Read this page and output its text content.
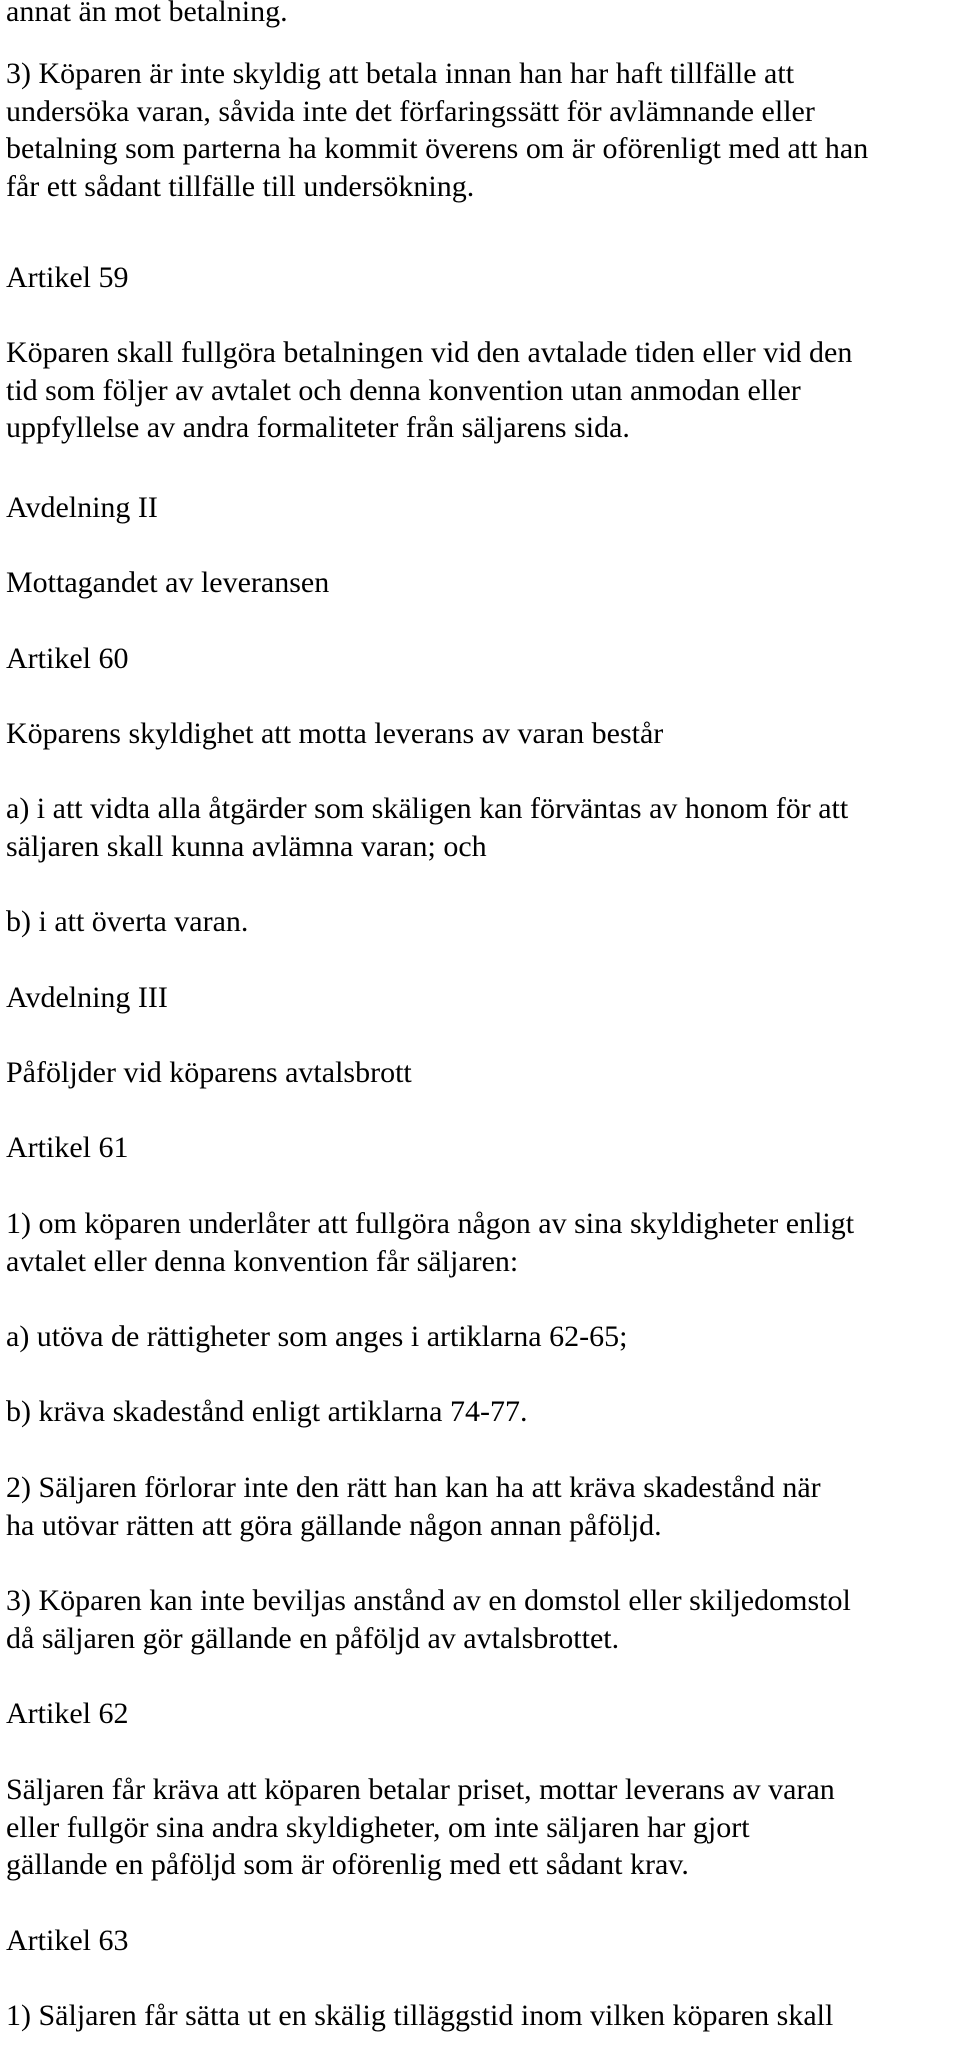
annat än mot betalning.
3) Köparen är inte skyldig att betala innan han har haft tillfälle att
undersöka varan, såvida inte det förfaringssätt för avlämnande eller
betalning som parterna ha kommit överens om är oförenligt med att han
får ett sådant tillfälle till undersökning.
Artikel 59
Köparen skall fullgöra betalningen vid den avtalade tiden eller vid den
tid som följer av avtalet och denna konvention utan anmodan eller
uppfyllelse av andra formaliteter från säljarens sida.
Avdelning II
Mottagandet av leveransen
Artikel 60
Köparens skyldighet att motta leverans av varan består
a) i att vidta alla åtgärder som skäligen kan förväntas av honom för att
säljaren skall kunna avlämna varan; och
b) i att överta varan.
Avdelning III
Påföljder vid köparens avtalsbrott
Artikel 61
1) om köparen underlåter att fullgöra någon av sina skyldigheter enligt
avtalet eller denna konvention får säljaren:
a) utöva de rättigheter som anges i artiklarna 62-65;
b) kräva skadestånd enligt artiklarna 74-77.
2) Säljaren förlorar inte den rätt han kan ha att kräva skadestånd när
ha utövar rätten att göra gällande någon annan påföljd.
3) Köparen kan inte beviljas anstånd av en domstol eller skiljedomstol
då säljaren gör gällande en påföljd av avtalsbrottet.
Artikel 62
Säljaren får kräva att köparen betalar priset, mottar leverans av varan
eller fullgör sina andra skyldigheter, om inte säljaren har gjort
gällande en påföljd som är oförenlig med ett sådant krav.
Artikel 63
1) Säljaren får sätta ut en skälig tilläggstid inom vilken köparen skall
